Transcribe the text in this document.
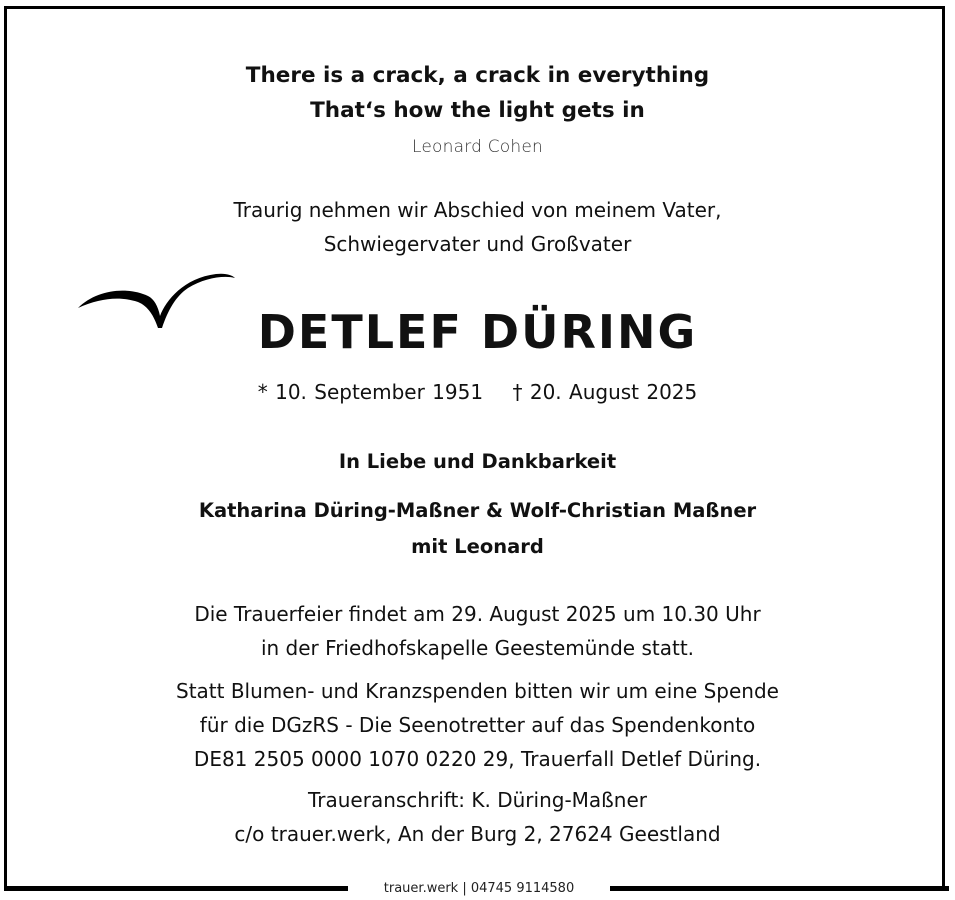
There is a crack, a crack in everything
That‘s how the light gets in
Leonard Cohen
Traurig nehmen wir Abschied von meinem Vater,
Schwiegervater und Großvater
DETLEF DÜRING
* 10. September 1951    † 20. August 2025
In Liebe und Dankbarkeit
Katharina Düring-Maßner & Wolf-Christian Maßner
mit Leonard
Die Trauerfeier findet am 29. August 2025 um 10.30 Uhr
in der Friedhofskapelle Geestemünde statt.
Statt Blumen- und Kranzspenden bitten wir um eine Spende
für die DGzRS - Die Seenotretter auf das Spendenkonto
DE81 2505 0000 1070 0220 29, Trauerfall Detlef Düring.
Traueranschrift: K. Düring-Maßner
c/o trauer.werk, An der Burg 2, 27624 Geestland
trauer.werk | 04745 9114580
